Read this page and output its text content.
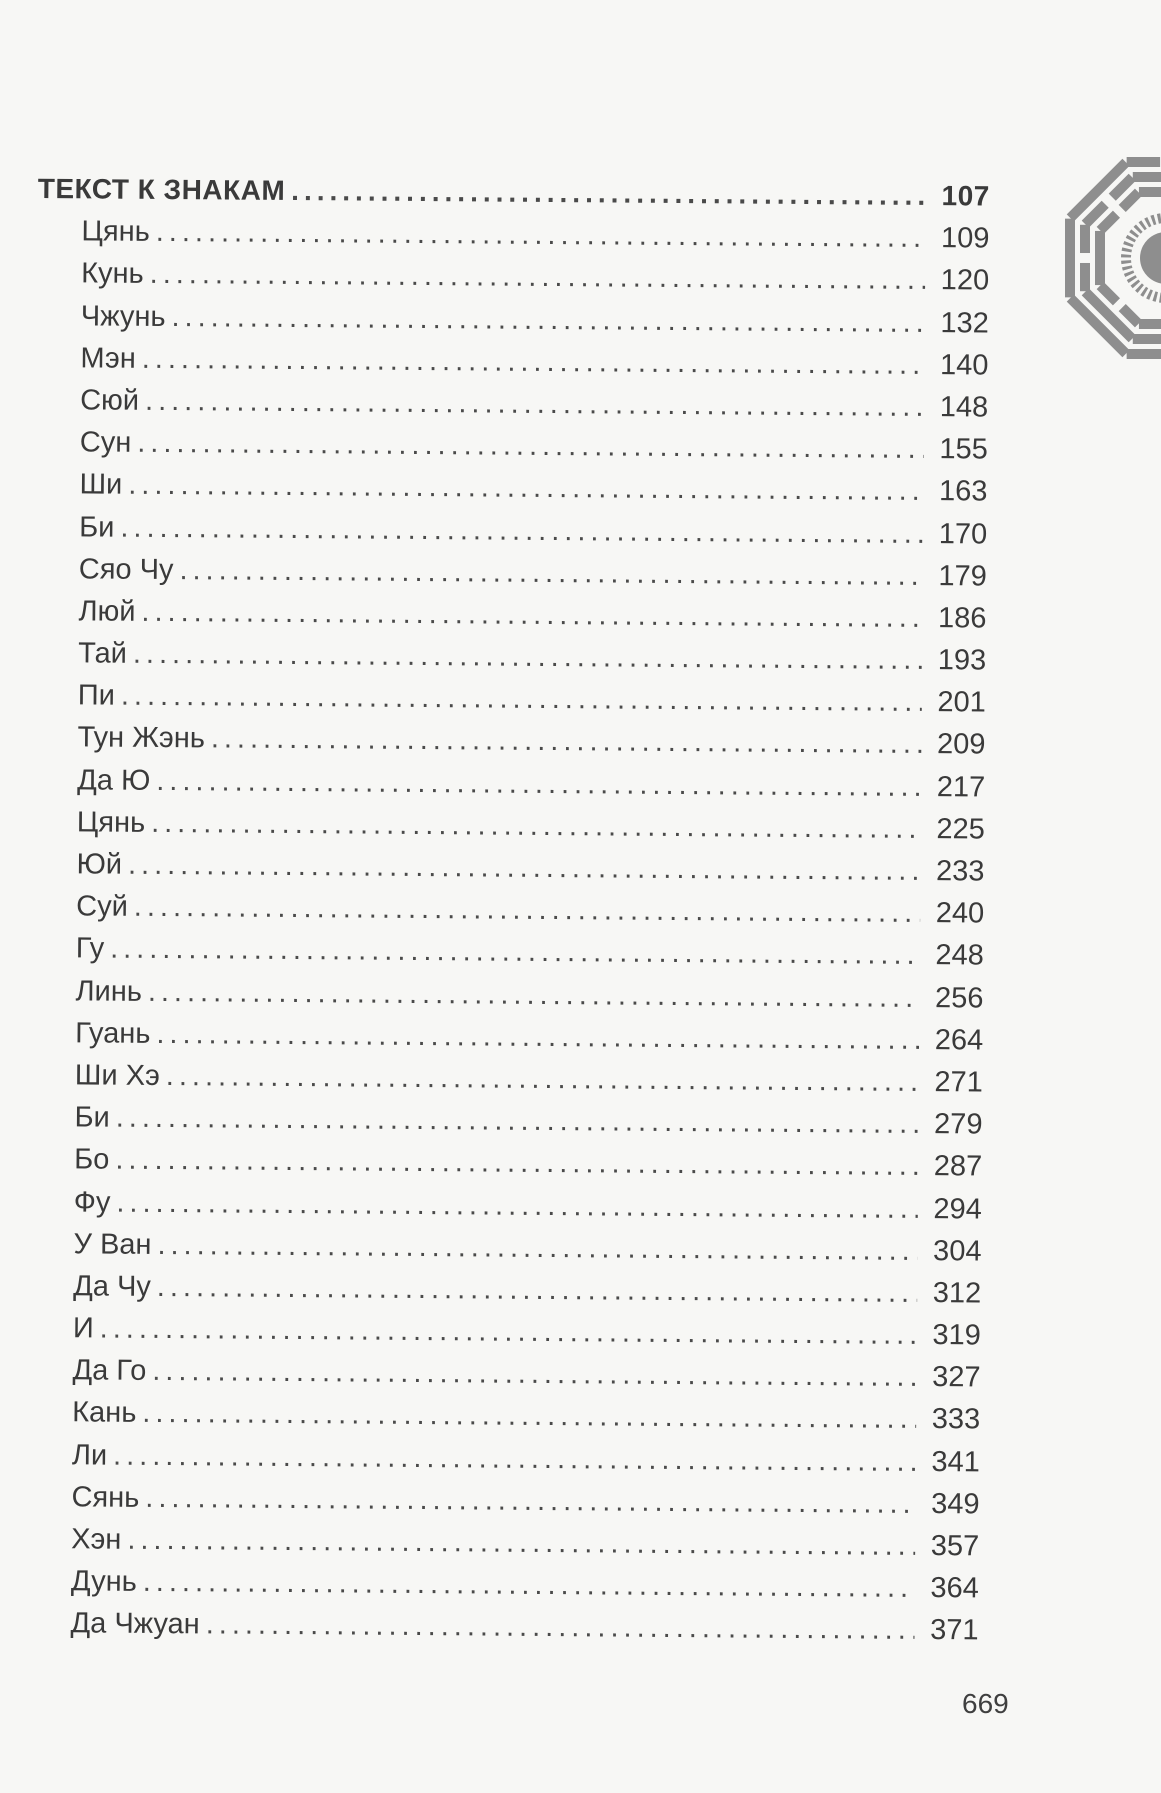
ТЕКСТ К ЗНАКАМ .....	107
Цянь .....	109
Кунь .....	120
Чжунь .....	132
Мэн .....	140
Сюй .....	148
Сун .....	155
Ши .....	163
Би .....	170
Сяо Чу .....	179
Люй .....	186
Тай .....	193
Пи .....	201
Тун Жэнь .....	209
Да Ю .....	217
Цянь .....	225
Юй .....	233
Суй .....	240
Гу .....	248
Линь .....	256
Гуань .....	264
Ши Хэ .....	271
Би .....	279
Бо .....	287
Фу .....	294
У Ван .....	304
Да Чу .....	312
И .....	319
Да Го .....	327
Кань .....	333
Ли .....	341
Сянь .....	349
Хэн .....	357
Дунь .....	364
Да Чжуан .....	371
669
